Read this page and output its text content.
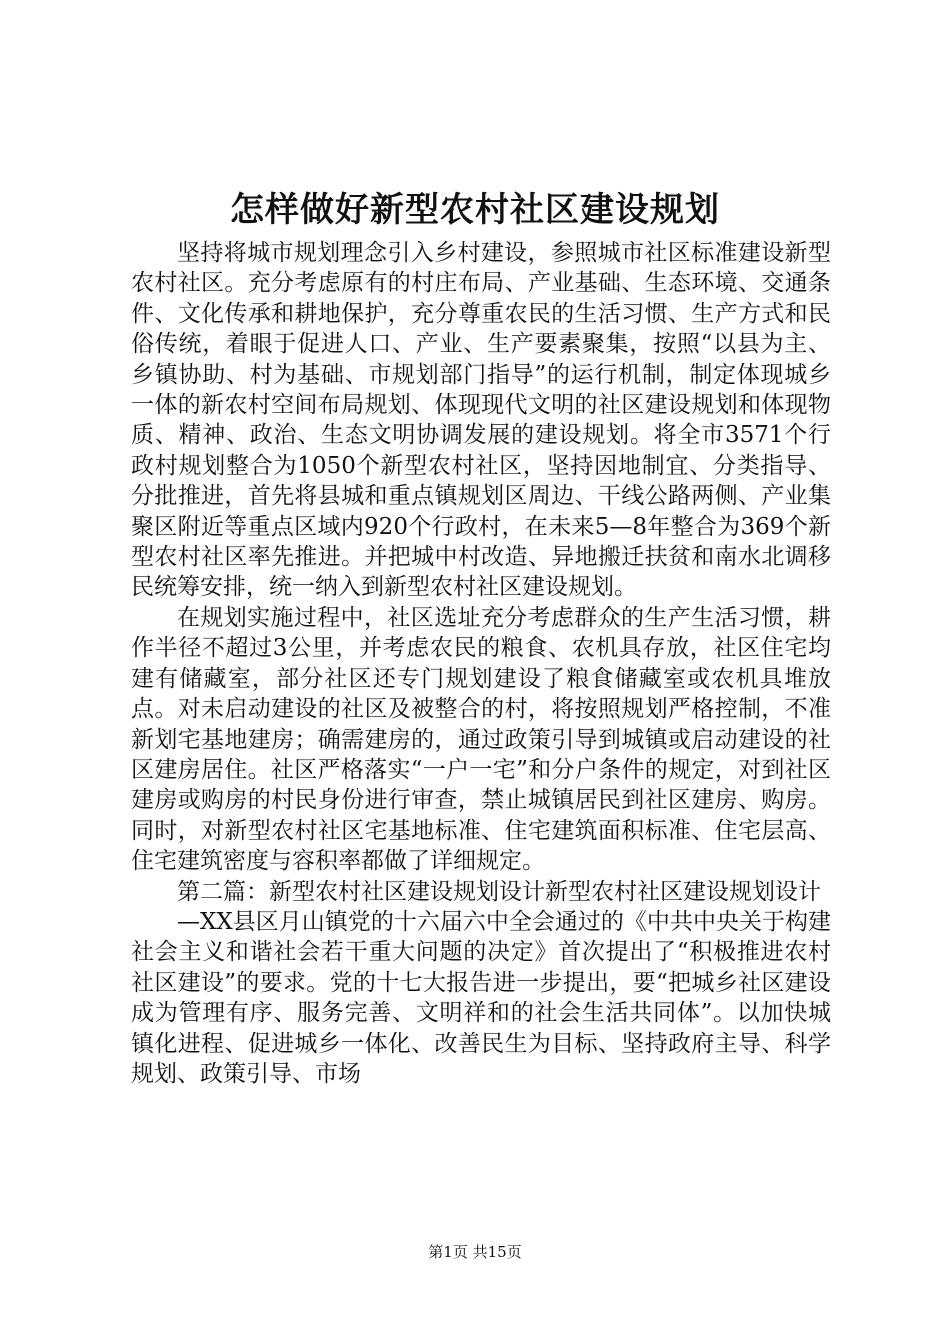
怎样做好新型农村社区建设规划

坚持将城市规划理念引入乡村建设，参照城市社区标准建设新型农村社区。充分考虑原有的村庄布局、产业基础、生态环境、交通条件、文化传承和耕地保护，充分尊重农民的生活习惯、生产方式和民俗传统，着眼于促进人口、产业、生产要素聚集，按照“以县为主、乡镇协助、村为基础、市规划部门指导”的运行机制，制定体现城乡一体的新农村空间布局规划、体现现代文明的社区建设规划和体现物质、精神、政治、生态文明协调发展的建设规划。将全市3571个行政村规划整合为1050个新型农村社区，坚持因地制宜、分类指导、分批推进，首先将县城和重点镇规划区周边、干线公路两侧、产业集聚区附近等重点区域内920个行政村，在未来5—8年整合为369个新型农村社区率先推进。并把城中村改造、异地搬迁扶贫和南水北调移民统筹安排，统一纳入到新型农村社区建设规划。

在规划实施过程中，社区选址充分考虑群众的生产生活习惯，耕作半径不超过3公里，并考虑农民的粮食、农机具存放，社区住宅均建有储藏室，部分社区还专门规划建设了粮食储藏室或农机具堆放点。对未启动建设的社区及被整合的村，将按照规划严格控制，不准新划宅基地建房；确需建房的，通过政策引导到城镇或启动建设的社区建房居住。社区严格落实“一户一宅”和分户条件的规定，对到社区建房或购房的村民身份进行审查，禁止城镇居民到社区建房、购房。同时，对新型农村社区宅基地标准、住宅建筑面积标准、住宅层高、住宅建筑密度与容积率都做了详细规定。

第二篇：新型农村社区建设规划设计新型农村社区建设规划设计

—XX县区月山镇党的十六届六中全会通过的《中共中央关于构建社会主义和谐社会若干重大问题的决定》首次提出了“积极推进农村社区建设”的要求。党的十七大报告进一步提出，要“把城乡社区建设成为管理有序、服务完善、文明祥和的社会生活共同体”。以加快城镇化进程、促进城乡一体化、改善民生为目标、坚持政府主导、科学规划、政策引导、市场

第1页 共15页
